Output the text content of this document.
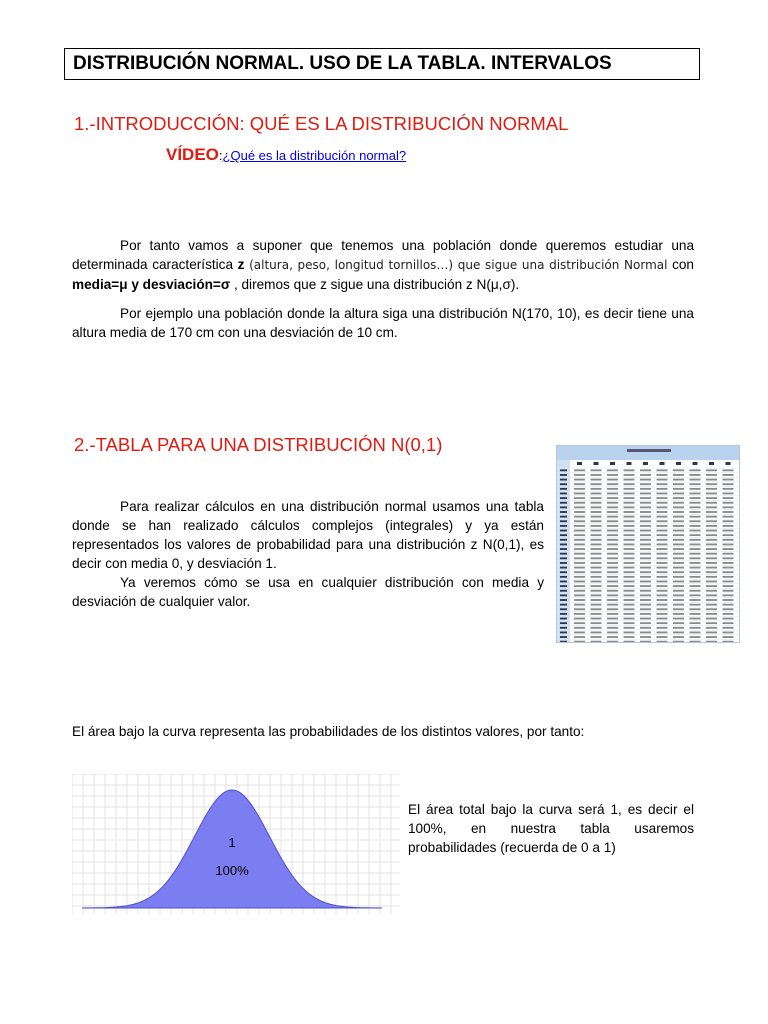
DISTRIBUCIÓN NORMAL. USO DE LA TABLA. INTERVALOS
1.-INTRODUCCIÓN: QUÉ ES LA DISTRIBUCIÓN NORMAL
VÍDEO:¿Qué es la distribución normal?

Por tanto vamos a suponer que tenemos una población donde queremos estudiar una determinada característica z (altura, peso, longitud tornillos…) que sigue una distribución Normal con media=μ y desviación=σ , diremos que z sigue una distribución z N(μ,σ).

Por ejemplo una población donde la altura siga una distribución N(170, 10), es decir tiene una altura media de 170 cm con una desviación de 10 cm.

2.-TABLA PARA UNA DISTRIBUCIÓN N(0,1)

Para realizar cálculos en una distribución normal usamos una tabla donde se han realizado cálculos complejos (integrales) y ya están representados los valores de probabilidad para una distribución z N(0,1), es decir con media 0, y desviación 1.

Ya veremos cómo se usa en cualquier distribución con media y desviación de cualquier valor.

El área bajo la curva representa las probabilidades de los distintos valores, por tanto:
1
100%
El área total bajo la curva será 1, es decir el 100%, en nuestra tabla usaremos probabilidades (recuerda de 0 a 1)
